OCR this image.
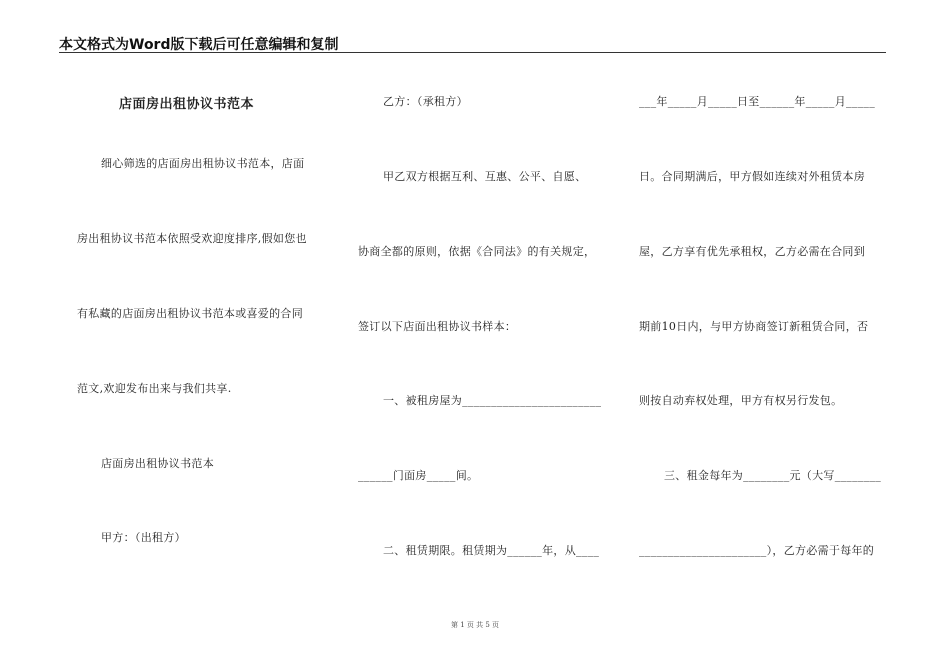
本文格式为Word版下载后可任意编辑和复制
店面房出租协议书范本
细心筛选的店面房出租协议书范本，店面
房出租协议书范本依照受欢迎度排序,假如您也
有私藏的店面房出租协议书范本或喜爱的合同
范文,欢迎发布出来与我们共享.
店面房出租协议书范本
甲方：（出租方）
乙方：（承租方）
甲乙双方根据互利、互惠、公平、自愿、
协商全都的原则，依据《合同法》的有关规定，
签订以下店面出租协议书样本：
一、被租房屋为________________________
______门面房_____间。
二、租赁期限。租赁期为______年，从____
___年_____月_____日至______年_____月_____
日。合同期满后，甲方假如连续对外租赁本房
屋，乙方享有优先承租权，乙方必需在合同到
期前10日内，与甲方协商签订新租赁合同，否
则按自动弃权处理，甲方有权另行发包。
三、租金每年为________元（大写________
______________________），乙方必需于每年的
第 1 页 共 5 页
